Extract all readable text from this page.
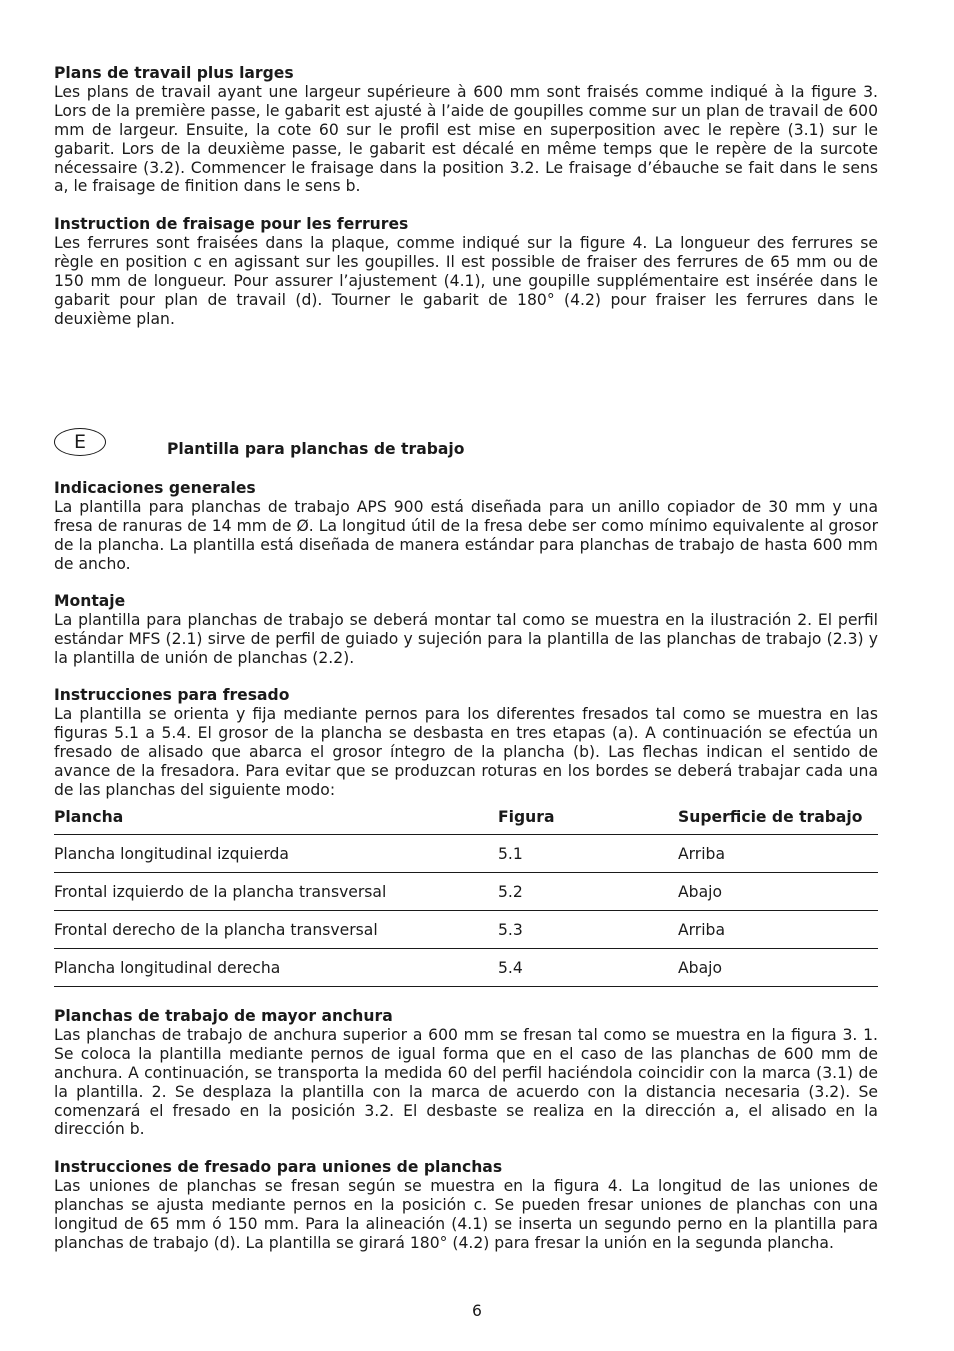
Plans de travail plus larges

Les plans de travail ayant une largeur supérieure à 600 mm sont fraisés comme indiqué à la figure 3. Lors de la première passe, le gabarit est ajusté à l’aide de goupilles comme sur un plan de travail de 600 mm de largeur. Ensuite, la cote 60 sur le profil est mise en superposition avec le repère (3.1) sur le gabarit. Lors de la deuxième passe, le gabarit est décalé en même temps que le repère de la surcote nécessaire (3.2). Commencer le fraisage dans la position 3.2. Le fraisage d’ébauche se fait dans le sens a, le fraisage de finition dans le sens b.

Instruction de fraisage pour les ferrures

Les ferrures sont fraisées dans la plaque, comme indiqué sur la figure 4. La longueur des ferrures se règle en position c en agissant sur les goupilles. Il est possible de fraiser des ferrures de 65 mm ou de 150 mm de longueur. Pour assurer l’ajustement (4.1), une goupille supplémentaire est insérée dans le gabarit pour plan de travail (d). Tourner le gabarit de 180° (4.2) pour fraiser les ferrures dans le deuxième plan.

E	Plantilla para planchas de trabajo
Indicaciones generales

La plantilla para planchas de trabajo APS 900 está diseñada para un anillo copiador de 30 mm y una fresa de ranuras de 14 mm de Ø. La longitud útil de la fresa debe ser como mínimo equivalente al grosor de la plancha. La plantilla está diseñada de manera estándar para planchas de trabajo de hasta 600 mm de ancho.

Montaje

La plantilla para planchas de trabajo se deberá montar tal como se muestra en la ilustración 2. El perfil estándar MFS (2.1) sirve de perfil de guiado y sujeción para la plantilla de las planchas de trabajo (2.3) y la plantilla de unión de planchas (2.2).

Instrucciones para fresado

La plantilla se orienta y fija mediante pernos para los diferentes fresados tal como se muestra en las figuras 5.1 a 5.4. El grosor de la plancha se desbasta en tres etapas (a). A continuación se efectúa un fresado de alisado que abarca el grosor íntegro de la plancha (b). Las flechas indican el sentido de avance de la fresadora. Para evitar que se produzcan roturas en los bordes se deberá trabajar cada una de las planchas del siguiente modo:

Plancha	Figura	Superficie de trabajo
Plancha longitudinal izquierda	5.1	Arriba
Frontal izquierdo de la plancha transversal	5.2	Abajo
Frontal derecho de la plancha transversal	5.3	Arriba
Plancha longitudinal derecha	5.4	Abajo
Planchas de trabajo de mayor anchura

Las planchas de trabajo de anchura superior a 600 mm se fresan tal como se muestra en la figura 3. 1. Se coloca la plantilla mediante pernos de igual forma que en el caso de las planchas de 600 mm de anchura. A continuación, se transporta la medida 60 del perfil haciéndola coincidir con la marca (3.1) de la plantilla. 2. Se desplaza la plantilla con la marca de acuerdo con la distancia necesaria (3.2). Se comenzará el fresado en la posición 3.2. El desbaste se realiza en la dirección a, el alisado en la dirección b.

Instrucciones de fresado para uniones de planchas

Las uniones de planchas se fresan según se muestra en la figura 4. La longitud de las uniones de planchas se ajusta mediante pernos en la posición c. Se pueden fresar uniones de planchas con una longitud de 65 mm ó 150 mm. Para la alineación (4.1) se inserta un segundo perno en la plantilla para planchas de trabajo (d). La plantilla se girará 180° (4.2) para fresar la unión en la segunda plancha.

6
